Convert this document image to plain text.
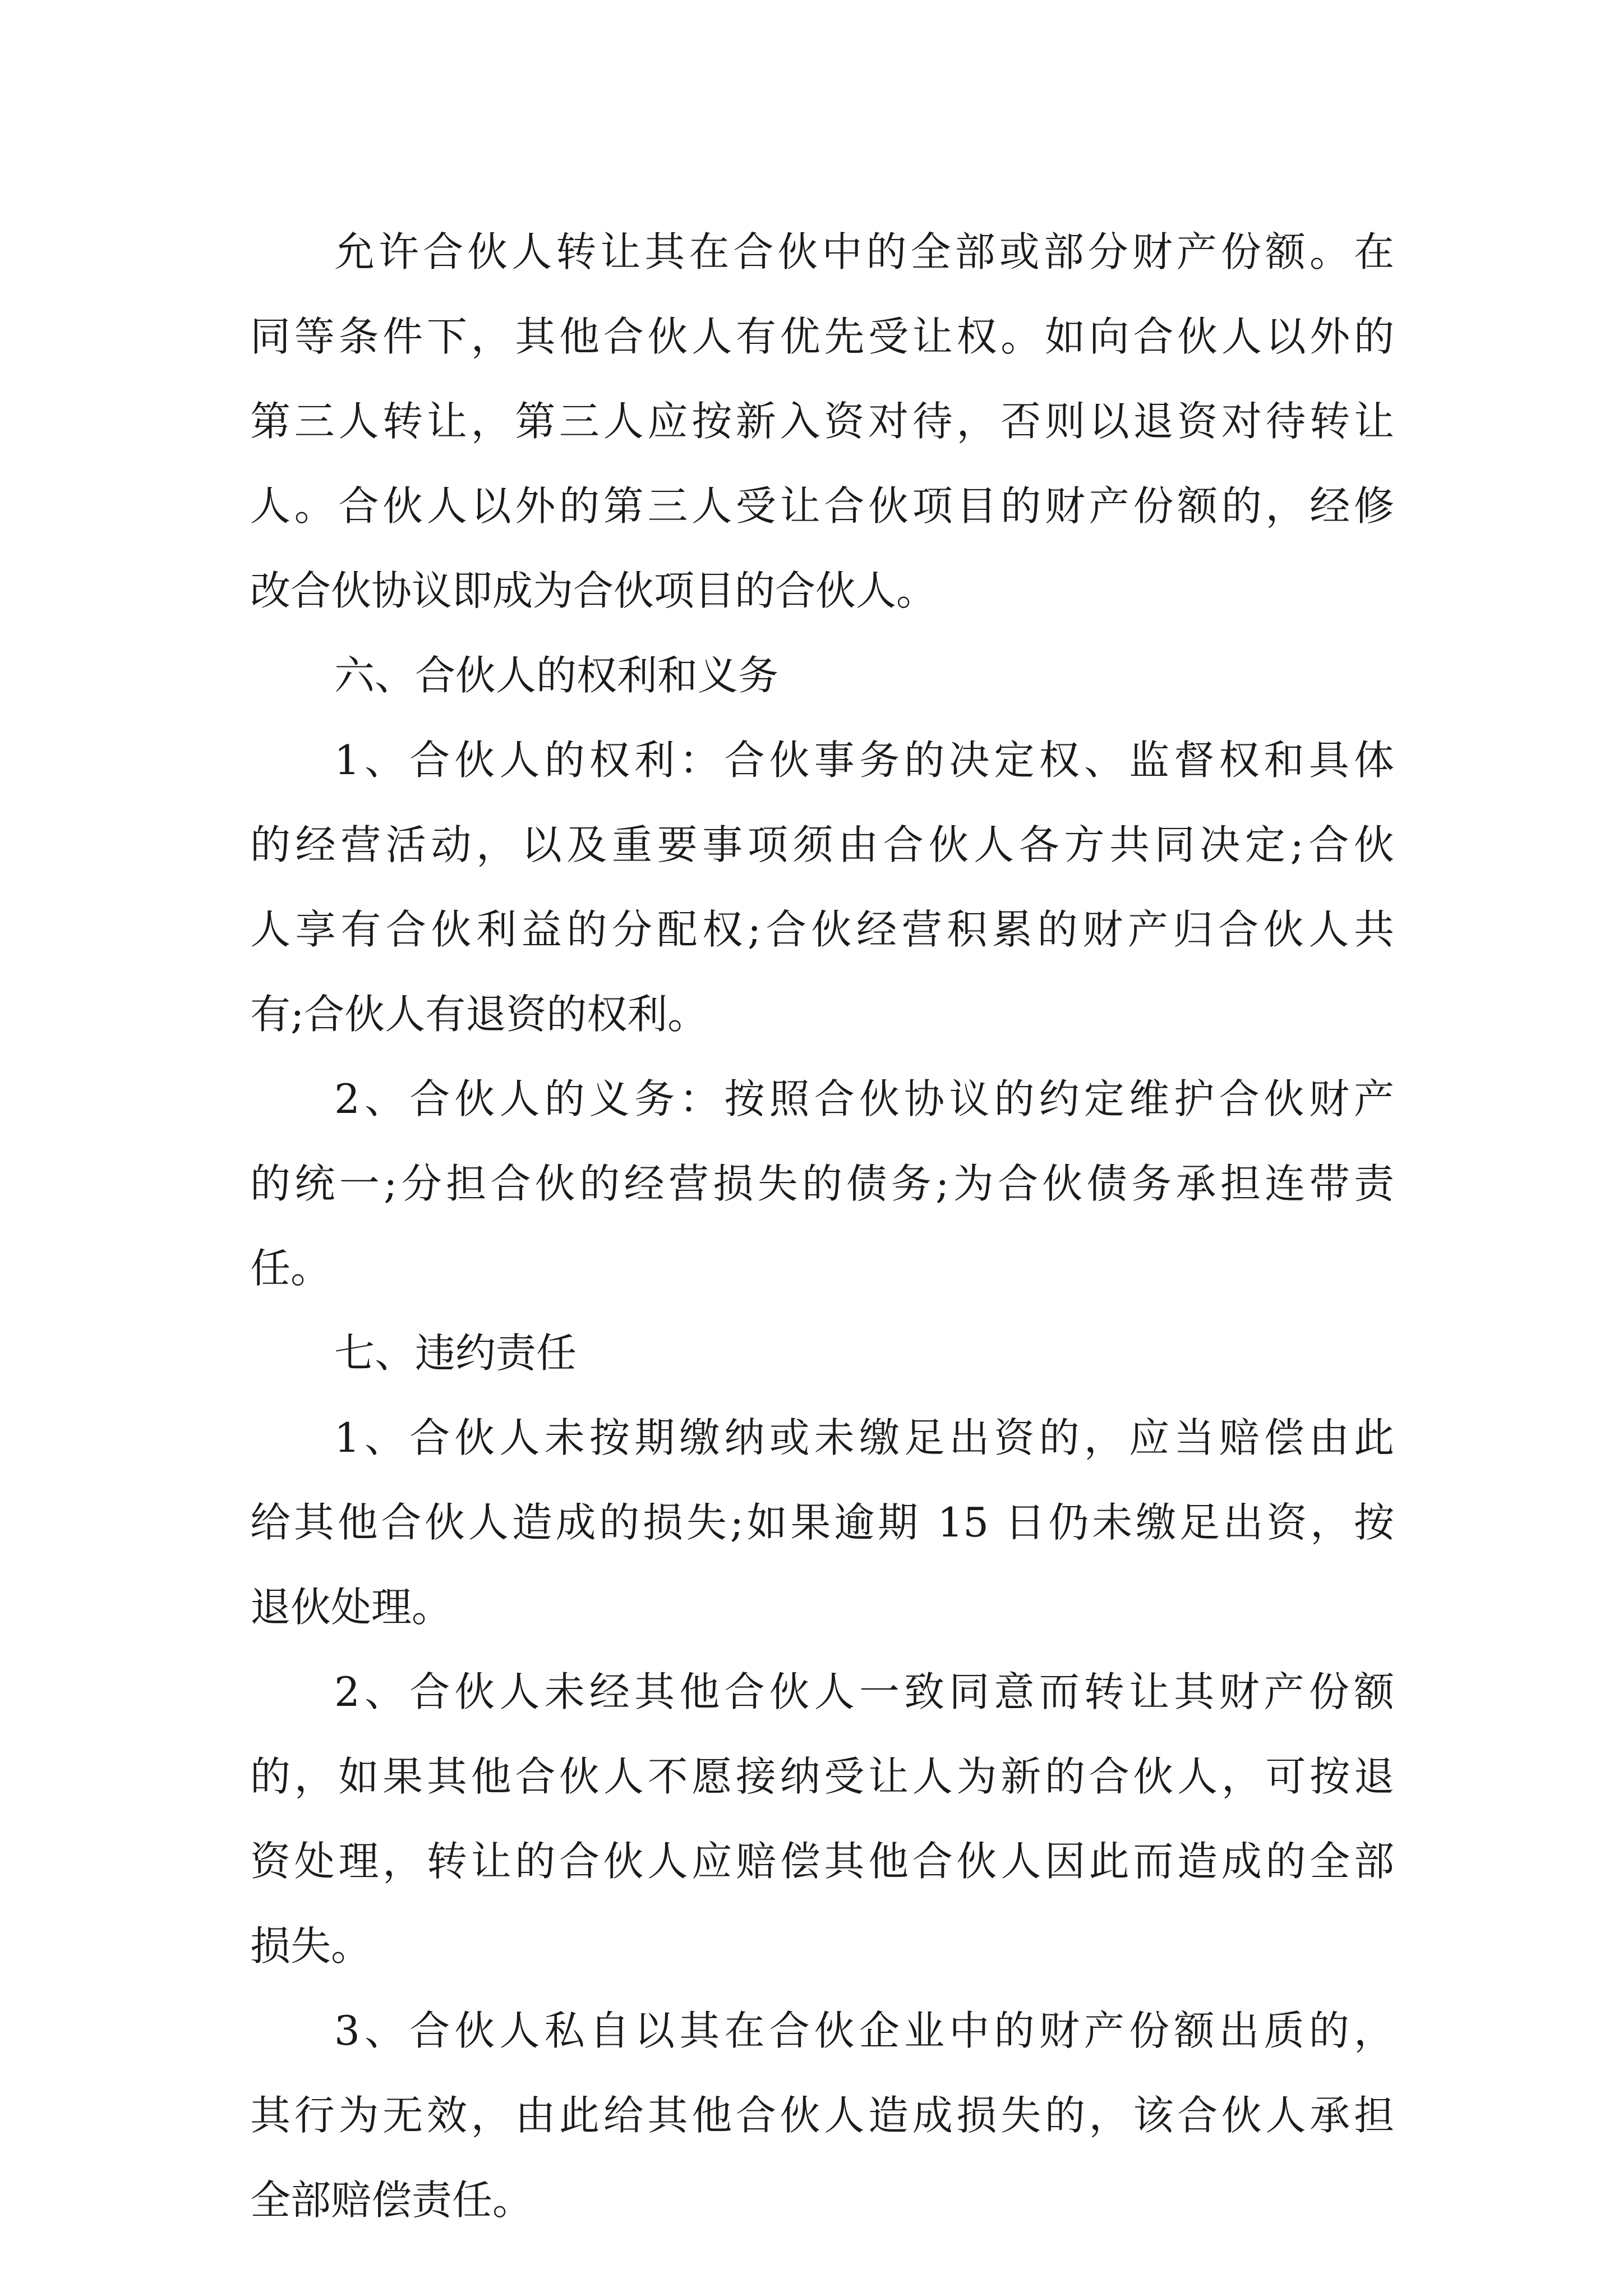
允许合伙人转让其在合伙中的全部或部分财产份额。在
同等条件下，其他合伙人有优先受让权。如向合伙人以外的
第三人转让，第三人应按新入资对待，否则以退资对待转让
人。合伙人以外的第三人受让合伙项目的财产份额的，经修
改合伙协议即成为合伙项目的合伙人。
六、合伙人的权利和义务
1、合伙人的权利：合伙事务的决定权、监督权和具体
的经营活动，以及重要事项须由合伙人各方共同决定;合伙
人享有合伙利益的分配权;合伙经营积累的财产归合伙人共
有;合伙人有退资的权利。
2、合伙人的义务：按照合伙协议的约定维护合伙财产
的统一;分担合伙的经营损失的债务;为合伙债务承担连带责
任。
七、违约责任
1、合伙人未按期缴纳或未缴足出资的，应当赔偿由此
给其他合伙人造成的损失;如果逾期 15 日仍未缴足出资，按
退伙处理。
2、合伙人未经其他合伙人一致同意而转让其财产份额
的，如果其他合伙人不愿接纳受让人为新的合伙人，可按退
资处理，转让的合伙人应赔偿其他合伙人因此而造成的全部
损失。
3、合伙人私自以其在合伙企业中的财产份额出质的，
其行为无效，由此给其他合伙人造成损失的，该合伙人承担
全部赔偿责任。
